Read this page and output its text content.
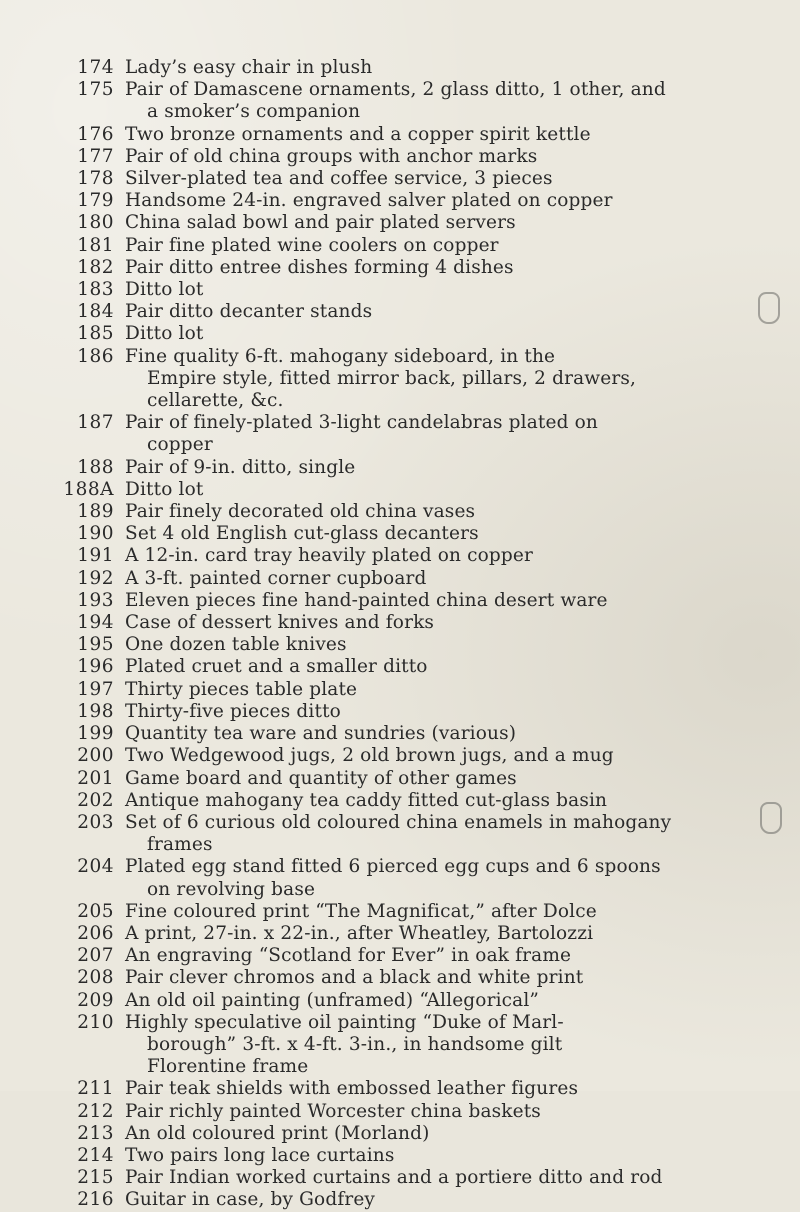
174 Lady’s easy chair in plush
175 Pair of Damascene ornaments, 2 glass ditto, 1 other, and
a smoker’s companion
176 Two bronze ornaments and a copper spirit kettle
177 Pair of old china groups with anchor marks
178 Silver-plated tea and coffee service, 3 pieces
179 Handsome 24-in. engraved salver plated on copper
180 China salad bowl and pair plated servers
181 Pair fine plated wine coolers on copper
182 Pair ditto entree dishes forming 4 dishes
183 Ditto lot
184 Pair ditto decanter stands
185 Ditto lot
186 Fine quality 6-ft. mahogany sideboard, in the
Empire style, fitted mirror back, pillars, 2 drawers,
cellarette, &c.
187 Pair of finely-plated 3-light candelabras plated on
copper
188 Pair of 9-in. ditto, single
188A Ditto lot
189 Pair finely decorated old china vases
190 Set 4 old English cut-glass decanters
191 A 12-in. card tray heavily plated on copper
192 A 3-ft. painted corner cupboard
193 Eleven pieces fine hand-painted china desert ware
194 Case of dessert knives and forks
195 One dozen table knives
196 Plated cruet and a smaller ditto
197 Thirty pieces table plate
198 Thirty-five pieces ditto
199 Quantity tea ware and sundries (various)
200 Two Wedgewood jugs, 2 old brown jugs, and a mug
201 Game board and quantity of other games
202 Antique mahogany tea caddy fitted cut-glass basin
203 Set of 6 curious old coloured china enamels in mahogany
frames
204 Plated egg stand fitted 6 pierced egg cups and 6 spoons
on revolving base
205 Fine coloured print “The Magnificat,” after Dolce
206 A print, 27-in. x 22-in., after Wheatley, Bartolozzi
207 An engraving “Scotland for Ever” in oak frame
208 Pair clever chromos and a black and white print
209 An old oil painting (unframed) “Allegorical”
210 Highly speculative oil painting “Duke of Marl-
borough” 3-ft. x 4-ft. 3-in., in handsome gilt
Florentine frame
211 Pair teak shields with embossed leather figures
212 Pair richly painted Worcester china baskets
213 An old coloured print (Morland)
214 Two pairs long lace curtains
215 Pair Indian worked curtains and a portiere ditto and rod
216 Guitar in case, by Godfrey
